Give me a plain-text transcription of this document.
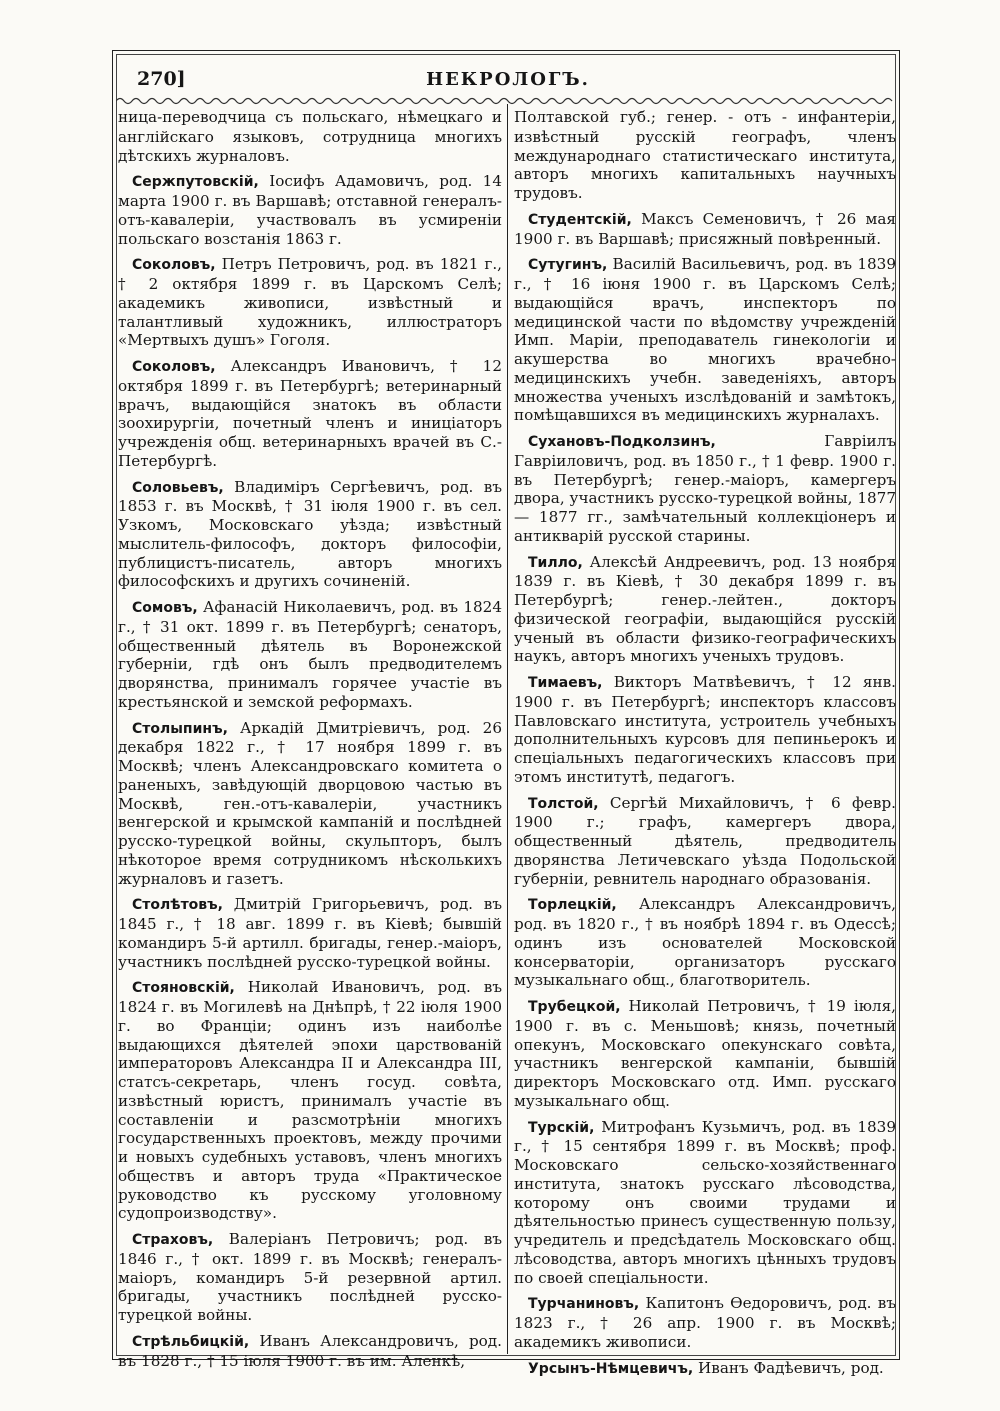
270]	НЕКРОЛОГЪ.

ница-переводчица съ польскаго, нѣмецкаго и англійскаго языковъ, сотрудница многихъ дѣтскихъ журналовъ.

Сержпутовскій, Іосифъ Адамовичъ, род. 14 марта 1900 г. въ Варшавѣ; отставной генералъ-отъ-кавалеріи, участвовалъ въ усмиреніи польскаго возстанія 1863 г.

Соколовъ, Петръ Петровичъ, род. въ 1821 г., † 2 октября 1899 г. въ Царскомъ Селѣ; академикъ живописи, извѣстный и талантливый художникъ, иллюстраторъ «Мертвыхъ душъ» Гоголя.

Соколовъ, Александръ Ивановичъ, † 12 октября 1899 г. въ Петербургѣ; ветеринарный врачъ, выдающійся знатокъ въ области зоохирургіи, почетный членъ и иниціаторъ учрежденія общ. ветеринарныхъ врачей въ С.-Петербургѣ.

Соловьевъ, Владиміръ Сергѣевичъ, род. въ 1853 г. въ Москвѣ, † 31 іюля 1900 г. въ сел. Узкомъ, Московскаго уѣзда; извѣстный мыслитель-философъ, докторъ философіи, публицистъ-писатель, авторъ многихъ философскихъ и другихъ сочиненій.

Сомовъ, Афанасій Николаевичъ, род. въ 1824 г., † 31 окт. 1899 г. въ Петербургѣ; сенаторъ, общественный дѣятель въ Воронежской губерніи, гдѣ онъ былъ предводителемъ дворянства, принималъ горячее участіе въ крестьянской и земской реформахъ.

Столыпинъ, Аркадій Дмитріевичъ, род. 26 декабря 1822 г., † 17 ноября 1899 г. въ Москвѣ; членъ Александровскаго комитета о раненыхъ, завѣдующій дворцовою частью въ Москвѣ, ген.-отъ-кавалеріи, участникъ венгерской и крымской кампаній и послѣдней русско-турецкой войны, скульпторъ, былъ нѣкоторое время сотрудникомъ нѣсколькихъ журналовъ и газетъ.

Столѣтовъ, Дмитрій Григорьевичъ, род. въ 1845 г., † 18 авг. 1899 г. въ Кіевѣ; бывшій командиръ 5-й артилл. бригады, генер.-маіоръ, участникъ послѣдней русско-турецкой войны.

Стояновскій, Николай Ивановичъ, род. въ 1824 г. въ Могилевѣ на Днѣпрѣ, † 22 іюля 1900 г. во Франціи; одинъ изъ наиболѣе выдающихся дѣятелей эпохи царствованій императоровъ Александра II и Александра III, статсъ-секретарь, членъ госуд. совѣта, извѣстный юристъ, принималъ участіе въ составленіи и разсмотрѣніи многихъ государственныхъ проектовъ, между прочими и новыхъ судебныхъ уставовъ, членъ многихъ обществъ и авторъ труда «Практическое руководство къ русскому уголовному судопроизводству».

Страховъ, Валеріанъ Петровичъ; род. въ 1846 г., † окт. 1899 г. въ Москвѣ; генералъ-маіоръ, командиръ 5-й резервной артил. бригады, участникъ послѣдней русско-турецкой войны.

Стрѣльбицкій, Иванъ Александровичъ, род. въ 1828 г., † 15 іюля 1900 г. въ им. Аленкѣ,

Полтавской губ.; генер. - отъ - инфантеріи, извѣстный русскій географъ, членъ международнаго статистическаго института, авторъ многихъ капитальныхъ научныхъ трудовъ.

Студентскій, Максъ Семеновичъ, † 26 мая 1900 г. въ Варшавѣ; присяжный повѣренный.

Сутугинъ, Василій Васильевичъ, род. въ 1839 г., † 16 іюня 1900 г. въ Царскомъ Селѣ; выдающійся врачъ, инспекторъ по медицинской части по вѣдомству учрежденій Имп. Маріи, преподаватель гинекологіи и акушерства во многихъ врачебно-медицинскихъ учебн. заведеніяхъ, авторъ множества ученыхъ изслѣдованій и замѣтокъ, помѣщавшихся въ медицинскихъ журналахъ.

Сухановъ-Подколзинъ, Гавріилъ Гавріиловичъ, род. въ 1850 г., † 1 февр. 1900 г. въ Петербургѣ; генер.-маіоръ, камергеръ двора, участникъ русско-турецкой войны, 1877 — 1877 гг., замѣчательный коллекціонеръ и антикварій русской старины.

Тилло, Алексѣй Андреевичъ, род. 13 ноября 1839 г. въ Кіевѣ, † 30 декабря 1899 г. въ Петербургѣ; генер.-лейтен., докторъ физической географіи, выдающійся русскій ученый въ области физико-географическихъ наукъ, авторъ многихъ ученыхъ трудовъ.

Тимаевъ, Викторъ Матвѣевичъ, † 12 янв. 1900 г. въ Петербургѣ; инспекторъ классовъ Павловскаго института, устроитель учебныхъ дополнительныхъ курсовъ для пепиньерокъ и спеціальныхъ педагогическихъ классовъ при этомъ институтѣ, педагогъ.

Толстой, Сергѣй Михайловичъ, † 6 февр. 1900 г.; графъ, камергеръ двора, общественный дѣятель, предводитель дворянства Летичевскаго уѣзда Подольской губерніи, ревнитель народнаго образованія.

Торлецкій, Александръ Александровичъ, род. въ 1820 г., † въ ноябрѣ 1894 г. въ Одессѣ; одинъ изъ основателей Московской консерваторіи, организаторъ русскаго музыкальнаго общ., благотворитель.

Трубецкой, Николай Петровичъ, † 19 іюля, 1900 г. въ с. Меньшовѣ; князь, почетный опекунъ, Московскаго опекунскаго совѣта, участникъ венгерской кампаніи, бывшій директоръ Московскаго отд. Имп. русскаго музыкальнаго общ.

Турскій, Митрофанъ Кузьмичъ, род. въ 1839 г., † 15 сентября 1899 г. въ Москвѣ; проф. Московскаго сельско-хозяйственнаго института, знатокъ русскаго лѣсоводства, которому онъ своими трудами и дѣятельностью принесъ существенную пользу, учредитель и предсѣдатель Московскаго общ. лѣсоводства, авторъ многихъ цѣнныхъ трудовъ по своей спеціальности.

Турчаниновъ, Капитонъ Ѳедоровичъ, род. въ 1823 г., † 26 апр. 1900 г. въ Москвѣ; академикъ живописи.

Урсынъ-Нѣмцевичъ, Иванъ Фадѣевичъ, род.
